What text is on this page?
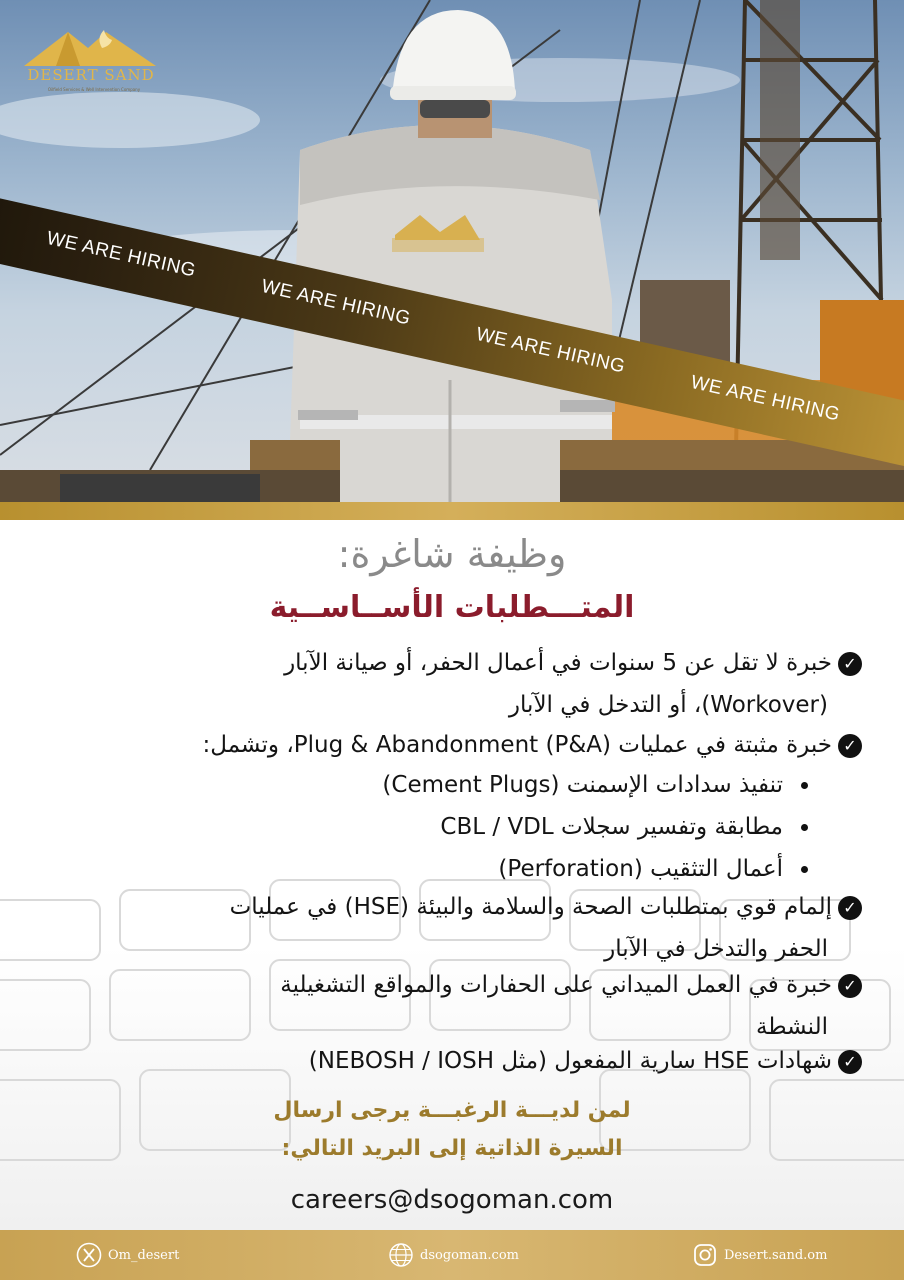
DESERT SAND
Oilfield Services & Well Intervention Company
WE ARE HIRING
WE ARE HIRING
WE ARE HIRING
WE ARE HIRING
وظيفة شاغرة:
المتـــطلبات الأســاســية
✓خبرة لا تقل عن 5 سنوات في أعمال الحفر، أو صيانة الآبار
(Workover)، أو التدخل في الآبار
✓خبرة مثبتة في عمليات Plug & Abandonment (P&A)، وتشمل:
تنفيذ سدادات الإسمنت (Cement Plugs)
مطابقة وتفسير سجلات CBL / VDL
أعمال التثقيب (Perforation)
✓إلمام قوي بمتطلبات الصحة والسلامة والبيئة (HSE) في عمليات
الحفر والتدخل في الآبار
✓خبرة في العمل الميداني على الحفارات والمواقع التشغيلية
النشطة
✓شهادات HSE سارية المفعول (مثل NEBOSH / IOSH)
لمن لديـــة الرغبـــة يرجى ارسال
السيرة الذاتية إلى البريد التالي:
careers@dsogoman.com
Om_desert	dsogoman.com	Desert.sand.om
